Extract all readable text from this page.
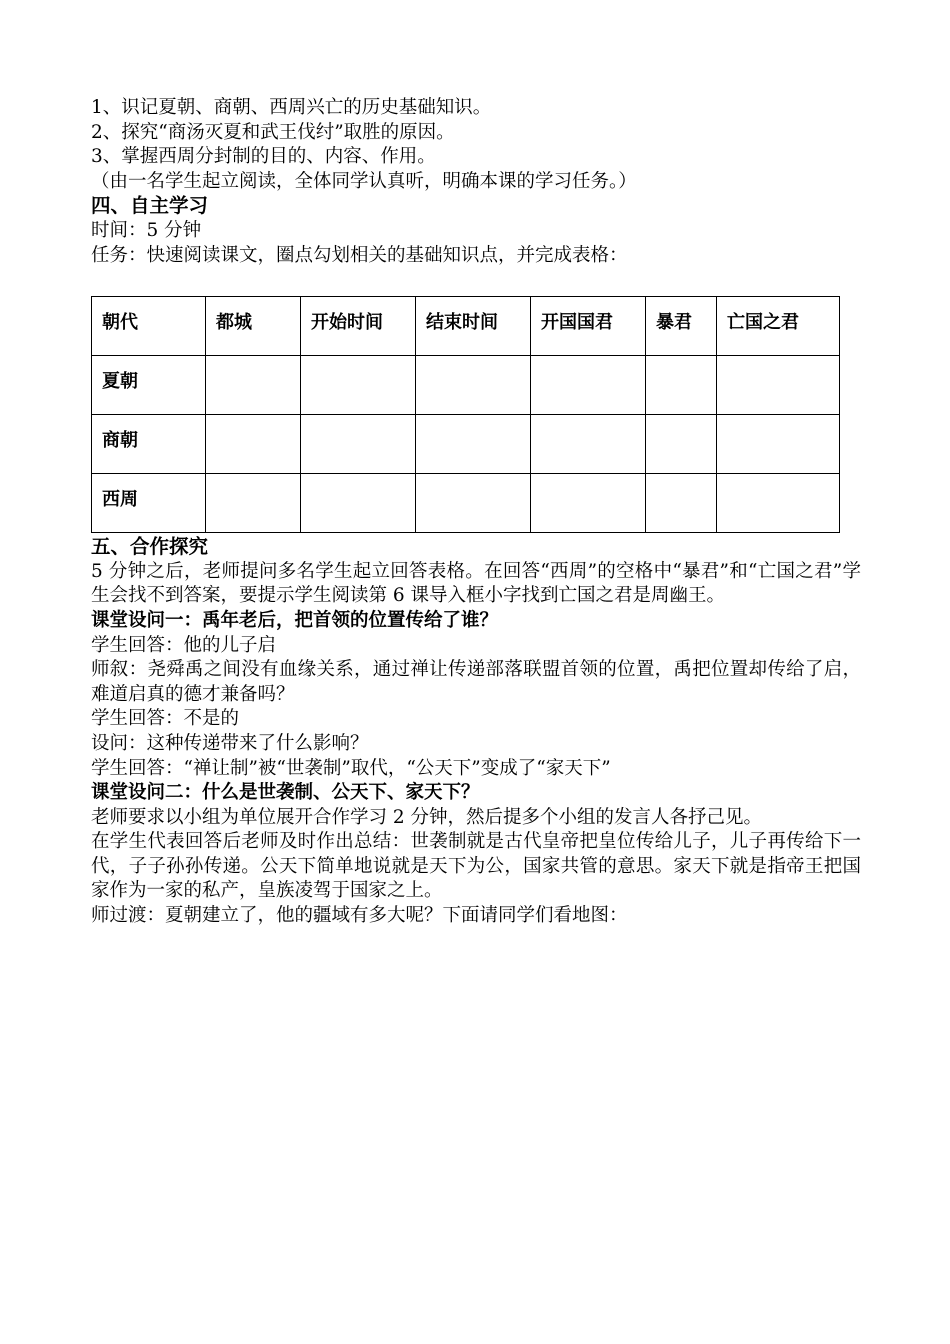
1、识记夏朝、商朝、西周兴亡的历史基础知识。
2、探究“商汤灭夏和武王伐纣”取胜的原因。
3、掌握西周分封制的目的、内容、作用。
（由一名学生起立阅读，全体同学认真听，明确本课的学习任务。）
四、自主学习
时间：5 分钟
任务：快速阅读课文，圈点勾划相关的基础知识点，并完成表格：
朝代	都城	开始时间	结束时间	开国国君	暴君	亡国之君
夏朝						
商朝						
西周						
五、合作探究
5 分钟之后，老师提问多名学生起立回答表格。在回答“西周”的空格中“暴君”和“亡国之君”学生会找不到答案，要提示学生阅读第 6 课导入框小字找到亡国之君是周幽王。
课堂设问一：禹年老后，把首领的位置传给了谁？
学生回答：他的儿子启
师叙：尧舜禹之间没有血缘关系，通过禅让传递部落联盟首领的位置，禹把位置却传给了启，难道启真的德才兼备吗？
学生回答：不是的
设问：这种传递带来了什么影响？
学生回答：“禅让制”被“世袭制”取代，“公天下”变成了“家天下”
课堂设问二：什么是世袭制、公天下、家天下？
老师要求以小组为单位展开合作学习 2 分钟，然后提多个小组的发言人各抒己见。
在学生代表回答后老师及时作出总结：世袭制就是古代皇帝把皇位传给儿子，儿子再传给下一代，子子孙孙传递。公天下简单地说就是天下为公，国家共管的意思。家天下就是指帝王把国家作为一家的私产，皇族凌驾于国家之上。
师过渡：夏朝建立了，他的疆域有多大呢？下面请同学们看地图：
